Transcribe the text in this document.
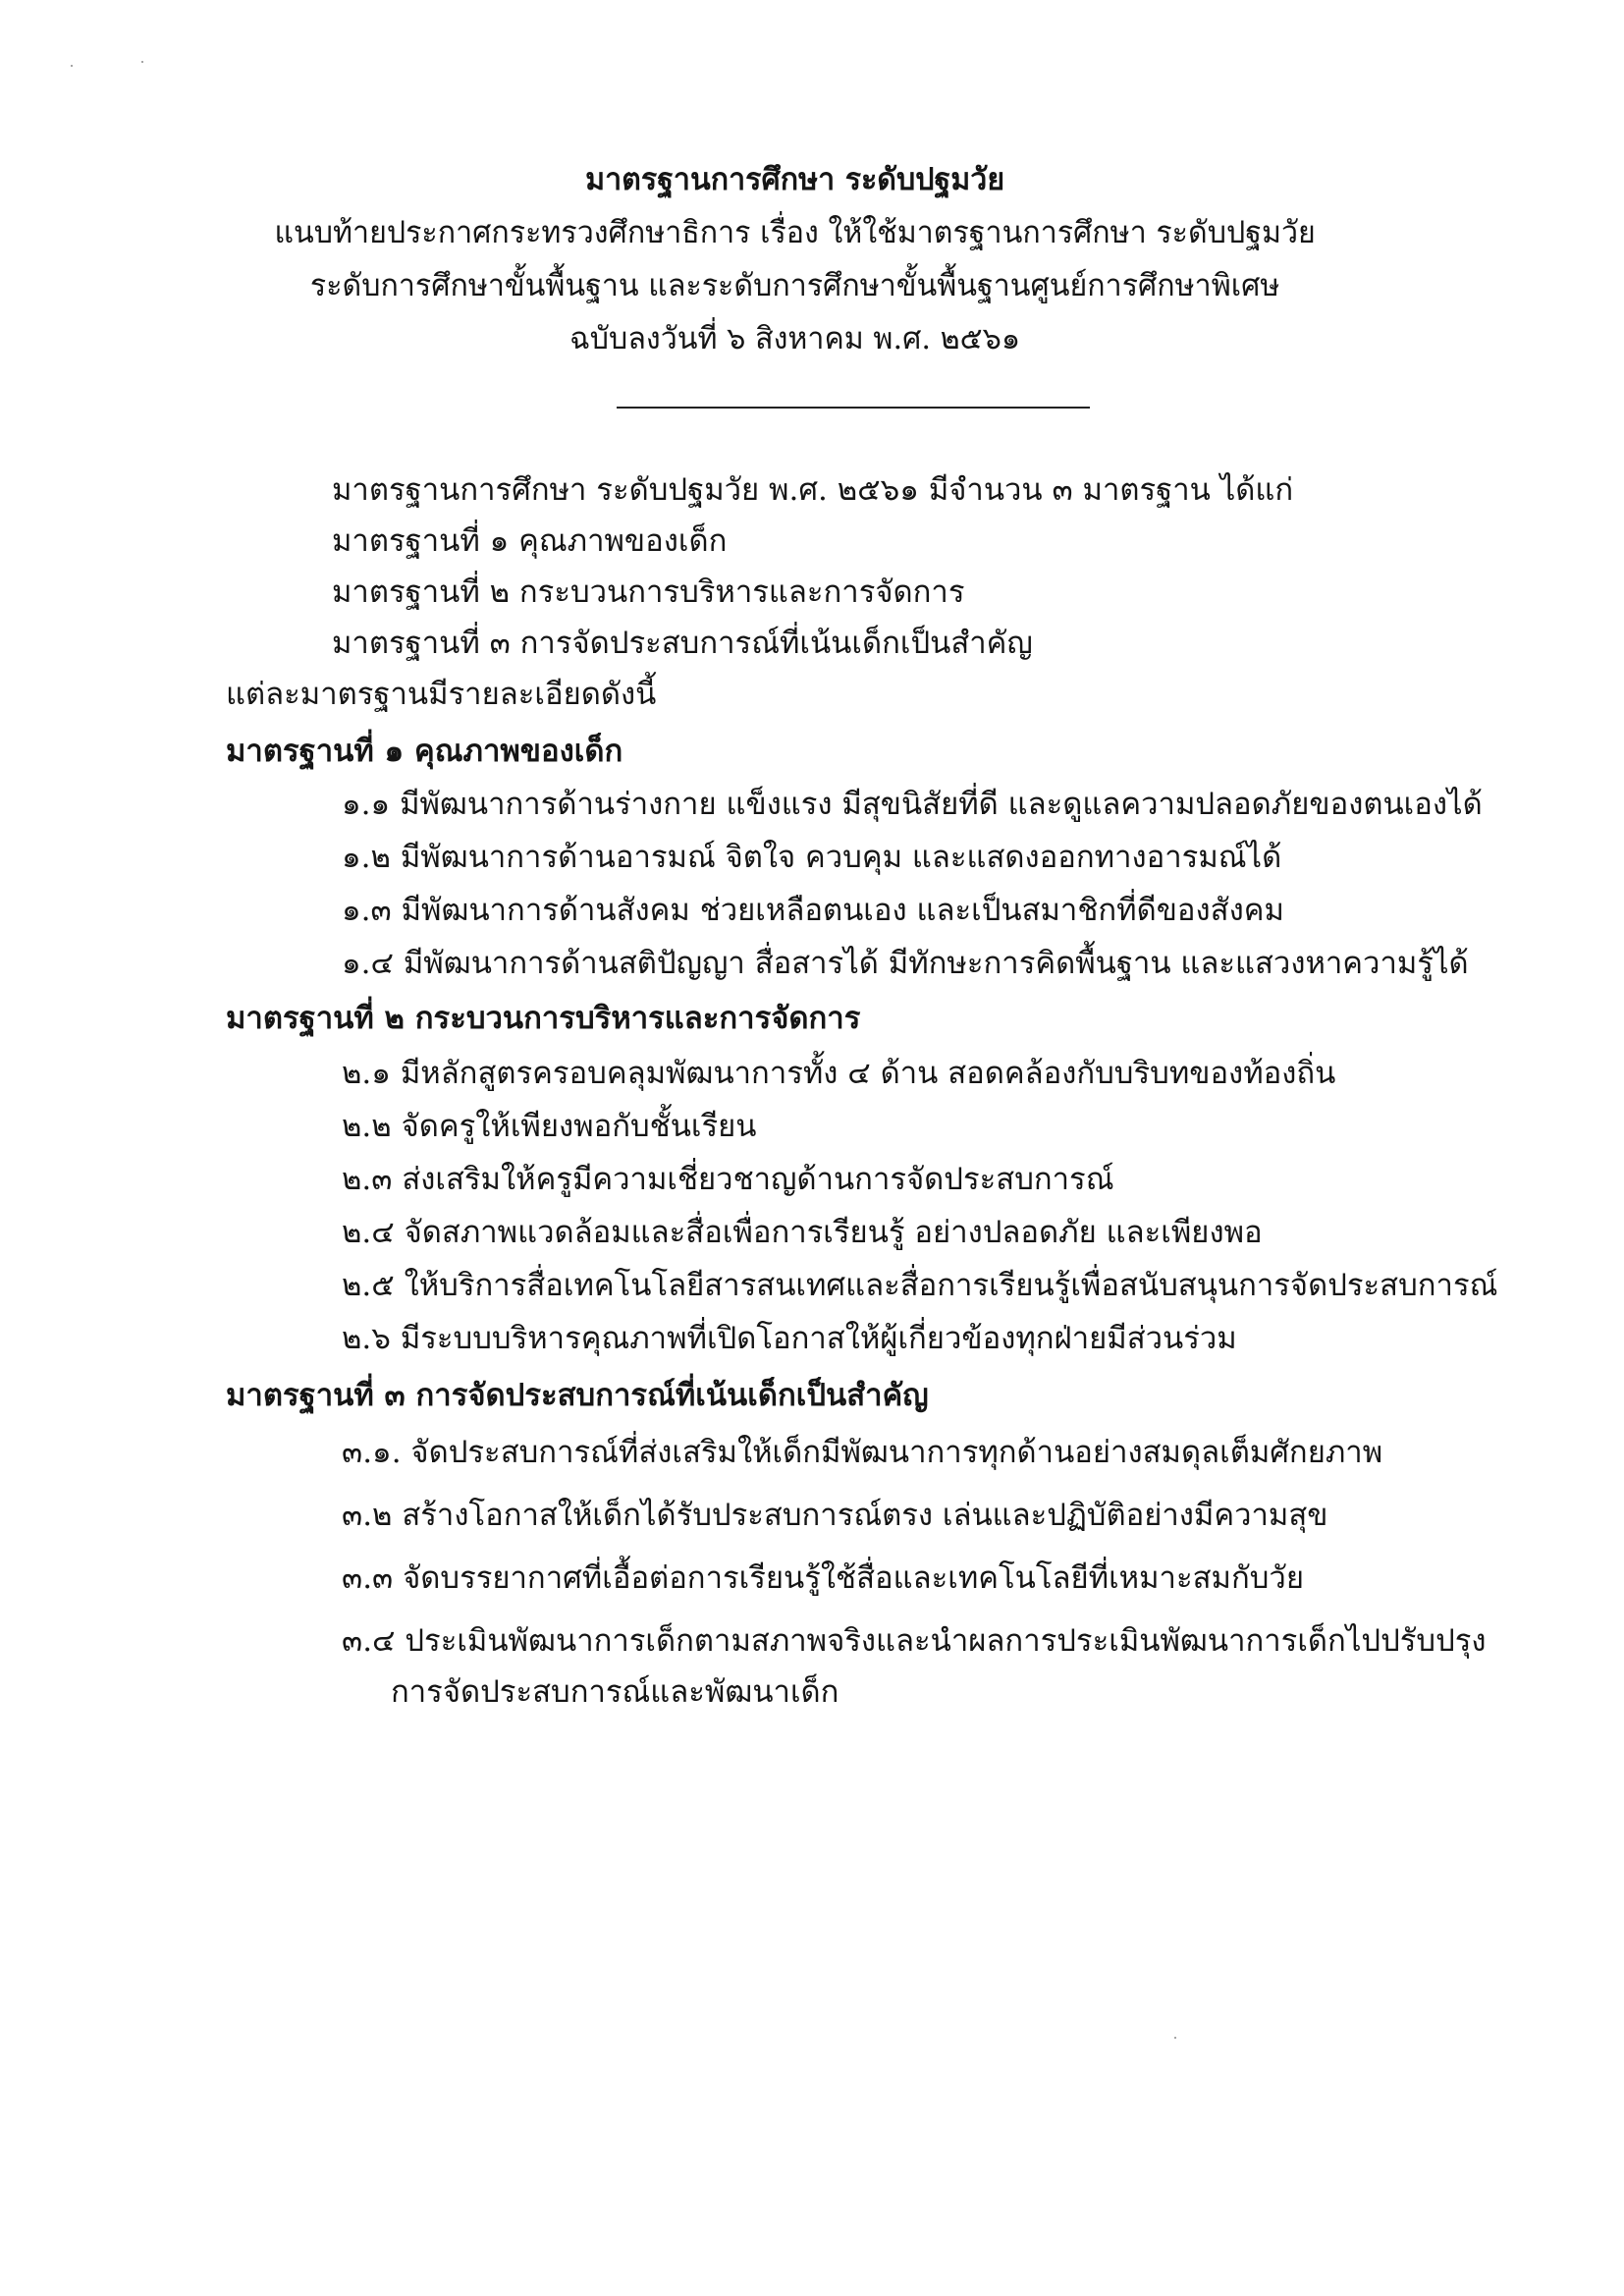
มาตรฐานการศึกษา ระดับปฐมวัย
แนบท้ายประกาศกระทรวงศึกษาธิการ เรื่อง ให้ใช้มาตรฐานการศึกษา ระดับปฐมวัย
ระดับการศึกษาขั้นพื้นฐาน และระดับการศึกษาขั้นพื้นฐานศูนย์การศึกษาพิเศษ
ฉบับลงวันที่ ๖ สิงหาคม พ.ศ. ๒๕๖๑
มาตรฐานการศึกษา ระดับปฐมวัย พ.ศ. ๒๕๖๑ มีจำนวน ๓ มาตรฐาน ได้แก่
มาตรฐานที่ ๑ คุณภาพของเด็ก
มาตรฐานที่ ๒ กระบวนการบริหารและการจัดการ
มาตรฐานที่ ๓ การจัดประสบการณ์ที่เน้นเด็กเป็นสำคัญ
แต่ละมาตรฐานมีรายละเอียดดังนี้
มาตรฐานที่ ๑ คุณภาพของเด็ก
๑.๑ มีพัฒนาการด้านร่างกาย แข็งแรง มีสุขนิสัยที่ดี และดูแลความปลอดภัยของตนเองได้
๑.๒ มีพัฒนาการด้านอารมณ์ จิตใจ ควบคุม และแสดงออกทางอารมณ์ได้
๑.๓ มีพัฒนาการด้านสังคม ช่วยเหลือตนเอง และเป็นสมาชิกที่ดีของสังคม
๑.๔ มีพัฒนาการด้านสติปัญญา สื่อสารได้ มีทักษะการคิดพื้นฐาน และแสวงหาความรู้ได้
มาตรฐานที่ ๒ กระบวนการบริหารและการจัดการ
๒.๑ มีหลักสูตรครอบคลุมพัฒนาการทั้ง ๔ ด้าน สอดคล้องกับบริบทของท้องถิ่น
๒.๒ จัดครูให้เพียงพอกับชั้นเรียน
๒.๓ ส่งเสริมให้ครูมีความเชี่ยวชาญด้านการจัดประสบการณ์
๒.๔ จัดสภาพแวดล้อมและสื่อเพื่อการเรียนรู้ อย่างปลอดภัย และเพียงพอ
๒.๕ ให้บริการสื่อเทคโนโลยีสารสนเทศและสื่อการเรียนรู้เพื่อสนับสนุนการจัดประสบการณ์
๒.๖ มีระบบบริหารคุณภาพที่เปิดโอกาสให้ผู้เกี่ยวข้องทุกฝ่ายมีส่วนร่วม
มาตรฐานที่ ๓ การจัดประสบการณ์ที่เน้นเด็กเป็นสำคัญ
๓.๑. จัดประสบการณ์ที่ส่งเสริมให้เด็กมีพัฒนาการทุกด้านอย่างสมดุลเต็มศักยภาพ
๓.๒ สร้างโอกาสให้เด็กได้รับประสบการณ์ตรง เล่นและปฏิบัติอย่างมีความสุข
๓.๓ จัดบรรยากาศที่เอื้อต่อการเรียนรู้ใช้สื่อและเทคโนโลยีที่เหมาะสมกับวัย
๓.๔ ประเมินพัฒนาการเด็กตามสภาพจริงและนำผลการประเมินพัฒนาการเด็กไปปรับปรุง
การจัดประสบการณ์และพัฒนาเด็ก
